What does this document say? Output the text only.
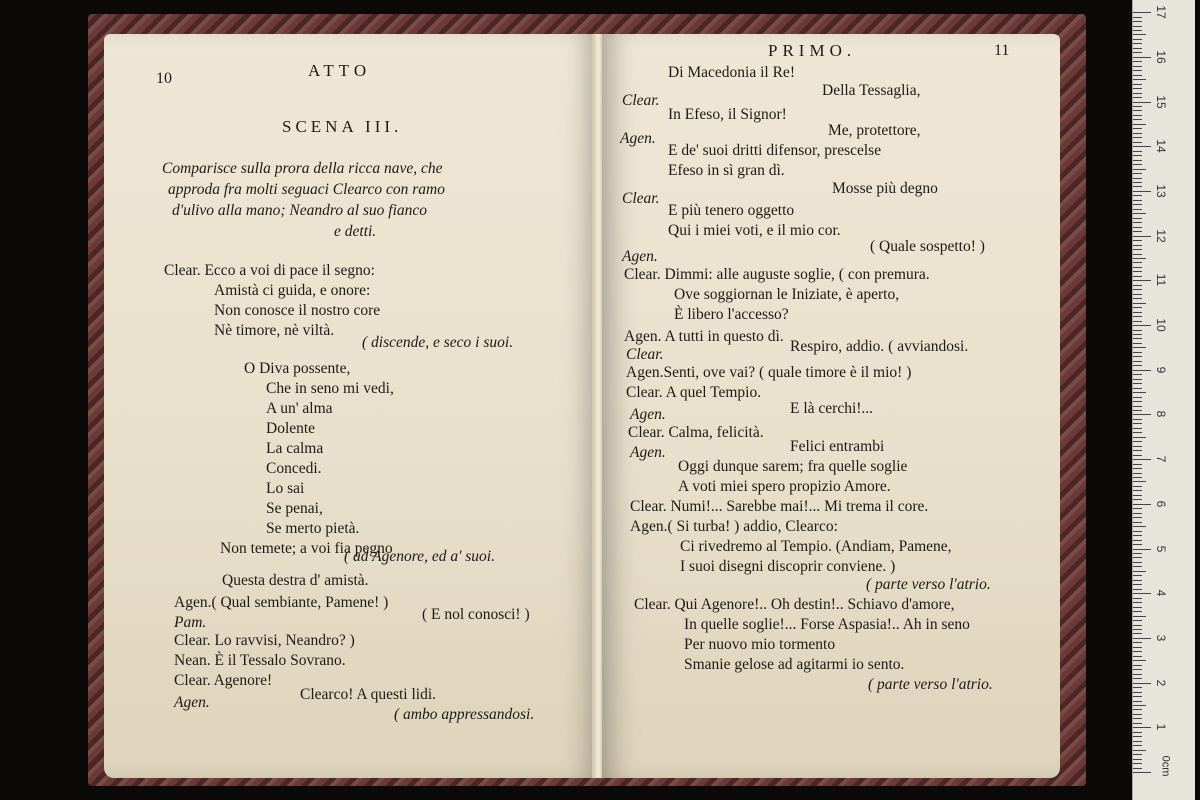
10	ATTO
SCENA III.
Comparisce sulla prora della ricca nave, che
approda fra molti seguaci Clearco con ramo
d'ulivo alla mano; Neandro al suo fianco
e detti.
Clear. Ecco a voi di pace il segno:
Amistà ci guida, e onore:
Non conosce il nostro core
Nè timore, nè viltà.
( discende, e seco i suoi.
O Diva possente,
Che in seno mi vedi,
A un' alma
Dolente
La calma
Concedi.
Lo sai
Se penai,
Se merto pietà.
Non temete; a voi fia pegno
( ad Agenore, ed a' suoi.
Questa destra d' amistà.
Agen.( Qual sembiante, Pamene! )
Pam.	( E nol conosci! )
Clear. Lo ravvisi, Neandro? )
Nean. È il Tessalo Sovrano.
Clear. Agenore!
Agen.	Clearco! A questi lidi.
( ambo appressandosi.
PRIMO.	11
Di Macedonia il Re!
Clear.
Della Tessaglia,
In Efeso, il Signor!
Agen.	Me, protettore,
E de' suoi dritti difensor, prescelse
Efeso in sì gran dì.
Clear.
Mosse più degno
E più tenero oggetto
Qui i miei voti, e il mio cor.
Agen.
( Quale sospetto! )
Clear. Dimmi: alle auguste soglie, ( con premura.
Ove soggiornan le Iniziate, è aperto,
È libero l'accesso?
Agen. A tutti in questo dì.
Clear.	Respiro, addio. ( avviandosi.
Agen.Senti, ove vai? ( quale timore è il mio! )
Clear. A quel Tempio.
Agen.	E là cerchi!...
Clear. Calma, felicità.
Agen.	Felici entrambi
Oggi dunque sarem; fra quelle soglie
A voti miei spero propizio Amore.
Clear. Numi!... Sarebbe mai!... Mi trema il core.
Agen.( Si turba! ) addio, Clearco:
Ci rivedremo al Tempio. (Andiam, Pamene,
I suoi disegni discoprir conviene. )
( parte verso l'atrio.
Clear. Qui Agenore!.. Oh destin!.. Schiavo d'amore,
In quelle soglie!... Forse Aspasia!.. Ah in seno
Per nuovo mio tormento
Smanie gelose ad agitarmi io sento.
( parte verso l'atrio.
1
2
3
4
5
6
7
8
9
10
11
12
13
14
15
16
17
0cm
